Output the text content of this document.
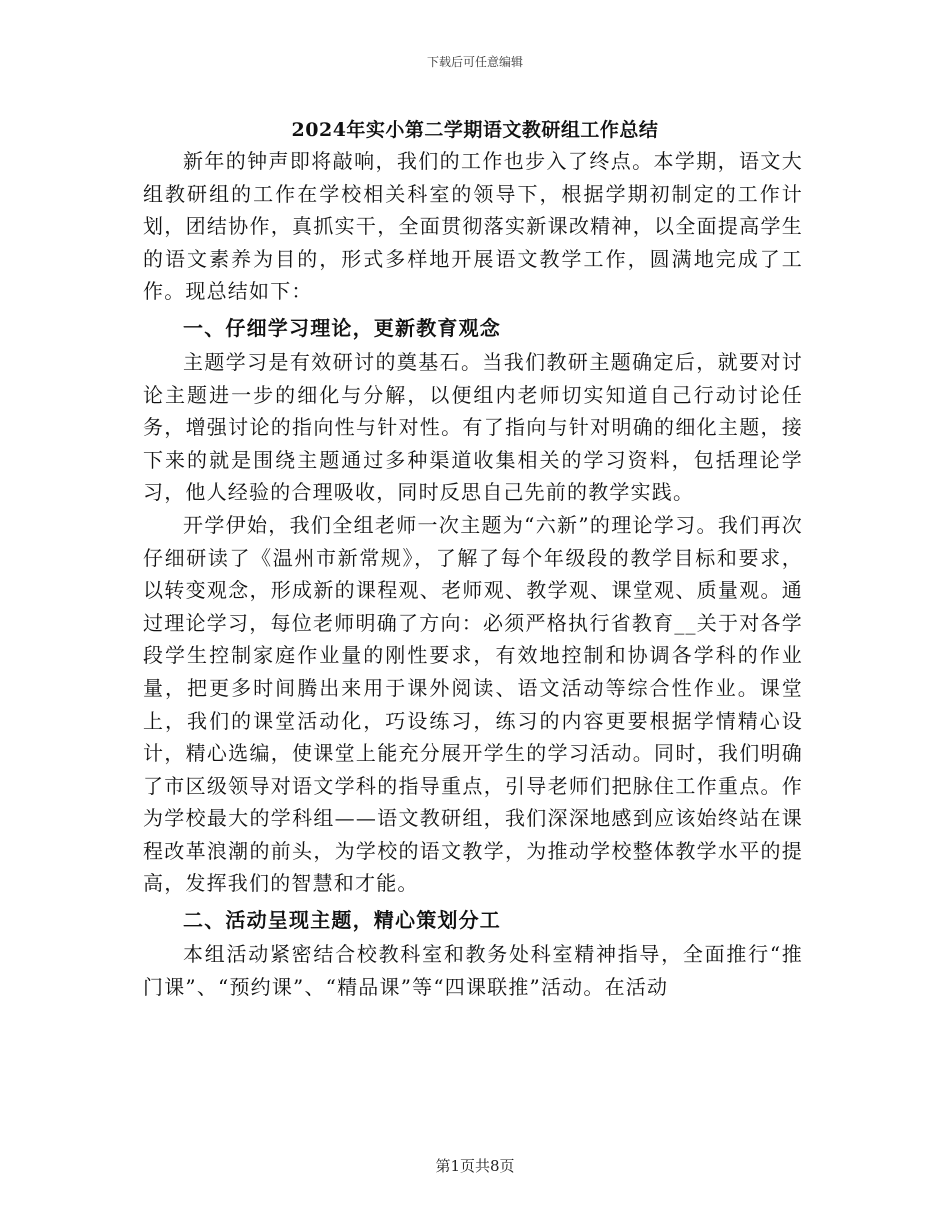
下载后可任意编辑
2024年实小第二学期语文教研组工作总结

新年的钟声即将敲响，我们的工作也步入了终点。本学期，语文大组教研组的工作在学校相关科室的领导下，根据学期初制定的工作计划，团结协作，真抓实干，全面贯彻落实新课改精神，以全面提高学生的语文素养为目的，形式多样地开展语文教学工作，圆满地完成了工作。现总结如下：

一、仔细学习理论，更新教育观念

主题学习是有效研讨的奠基石。当我们教研主题确定后，就要对讨论主题进一步的细化与分解，以便组内老师切实知道自己行动讨论任务，增强讨论的指向性与针对性。有了指向与针对明确的细化主题，接下来的就是围绕主题通过多种渠道收集相关的学习资料，包括理论学习，他人经验的合理吸收，同时反思自己先前的教学实践。

开学伊始，我们全组老师一次主题为“六新”的理论学习。我们再次仔细研读了《温州市新常规》，了解了每个年级段的教学目标和要求，以转变观念，形成新的课程观、老师观、教学观、课堂观、质量观。通过理论学习，每位老师明确了方向：必须严格执行省教育__关于对各学段学生控制家庭作业量的刚性要求，有效地控制和协调各学科的作业量，把更多时间腾出来用于课外阅读、语文活动等综合性作业。课堂上，我们的课堂活动化，巧设练习，练习的内容更要根据学情精心设计，精心选编，使课堂上能充分展开学生的学习活动。同时，我们明确了市区级领导对语文学科的指导重点，引导老师们把脉住工作重点。作为学校最大的学科组——语文教研组，我们深深地感到应该始终站在课程改革浪潮的前头，为学校的语文教学，为推动学校整体教学水平的提高，发挥我们的智慧和才能。

二、活动呈现主题，精心策划分工

本组活动紧密结合校教科室和教务处科室精神指导，全面推行“推门课”、“预约课”、“精品课”等“四课联推”活动。在活动

第1页共8页
